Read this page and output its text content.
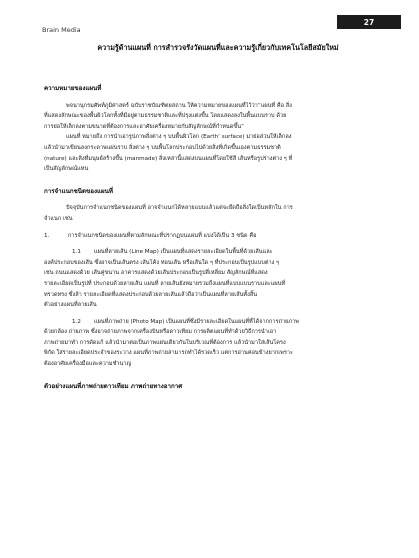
27
Brain Media
ความรู้ด้านแผนที่ การสำรวจรังวัดแผนที่และความรู้เกี่ยวกับเทคโนโลยีสมัยใหม่

ความหมายของแผนที่

พจนานุกรมศัพท์ภูมิศาสตร์ ฉบับราชบัณฑิตยสถาน ให้ความหมายของแผนที่ไว้ว่า“แผนที่ คือ สิ่ง

ที่แสดงลักษณะของพื้นผิวโลกทั้งที่มีอยู่ตามธรรมชาติและที่ปรุงแต่งขึ้น โดยแสดงลงในพื้นแบนราบ ด้วย

การย่อให้เล็กลงตามขนาดที่ต้องการและอาศัยเครื่องหมายกับสัญลักษณ์ที่กำหนดขึ้น”

แผนที่ หมายถึง การนำเอารูปภาพสิ่งต่าง ๆ บนพื้นผิวโลก (Earth’ surface) มาย่อส่วนให้เล็กลง

แล้วนำมาเขียนลงกระดาษแผ่นราบ สิ่งต่าง ๆ บนพื้นโลกประกอบไปด้วยสิ่งที่เกิดขึ้นเองตามธรรมชาติ

(nature) และสิ่งที่มนุษย์สร้างขึ้น (manmade) สิ่งเหล่านี้แสดงบนแผนที่โดยใช้สี เส้นหรือรูปร่างต่าง ๆ ที่

เป็นสัญลักษณ์แทน

การจำแนกชนิดของแผนที่

ปัจจุบันการจำแนกชนิดของแผนที่ อาจจำแนกได้หลายแบบแล้วแต่จะยึดถือสิ่งใดเป็นหลักใน การ

จำแนก เช่น

1.	การจำแนกชนิดของแผนที่ตามลักษณะที่ปรากฏบนแผนที่ แบ่งได้เป็น 3 ชนิด คือ

1.1 แผนที่ลายเส้น (Line Map) เป็นแผนที่แสดงรายละเอียดในพื้นที่ด้วยเส้นและ

องค์ประกอบของเส้น ซึ่งอาจเป็นเส้นตรง เส้นโค้ง ท่อนเส้น หรือเส้นใด ๆ ที่ประกอบเป็นรูปแบบต่าง ๆ

เช่น ถนนแสดงด้วย เส้นคู่ขนาน อาคารแสดงด้วยเส้นประกอบเป็นรูปสี่เหลี่ยม สัญลักษณ์ที่แสดง

รายละเอียดเป็นรูปที่ ประกอบด้วยลายเส้น แผนที่ ลายเส้นยังหมายรวมถึงแผนที่แบบแบนราบและแผนที่

ทรวดทรง ซึ่งล้า รายละเอียดที่แสดงประกอบด้วยลายเส้นแล้วถือว่าเป็นแผนที่ลายเส้นทั้งสิ้น

ตัวอย่างแผนที่ลายเส้น

1.2 แผนที่ภาพถ่าย (Photo Map) เป็นแผนที่ซึ่งมีรายละเอียดในแผนที่ที่ได้จากการถ่ายภาพ

ด้วยกล้อง ถ่ายภาพ ซึ่งอาจถ่ายภาพจากเครื่องบินหรือดาวเทียม การผลิตแผนที่ทำด้วยวิธีการนำเอา

ภาพถ่ายมาทำ การดัดแก้ แล้วนำมาต่อเป็นภาพแผ่นเดียวกันในบริเวณที่ต้องการ แล้วนำมาใส่เส้นโครง

พิกัด ใส่รายละเอียดประจำของระวาง แผนที่ภาพถ่ายสามารถทำได้รวดเร็ว แต่การอ่านค่อนข้างยากเพราะ

ต้องอาศัยเครื่องมือและความชำนาญ

ตัวอย่างแผนที่ภาพถ่ายดาวเทียม ภาพถ่ายทางอากาศ
